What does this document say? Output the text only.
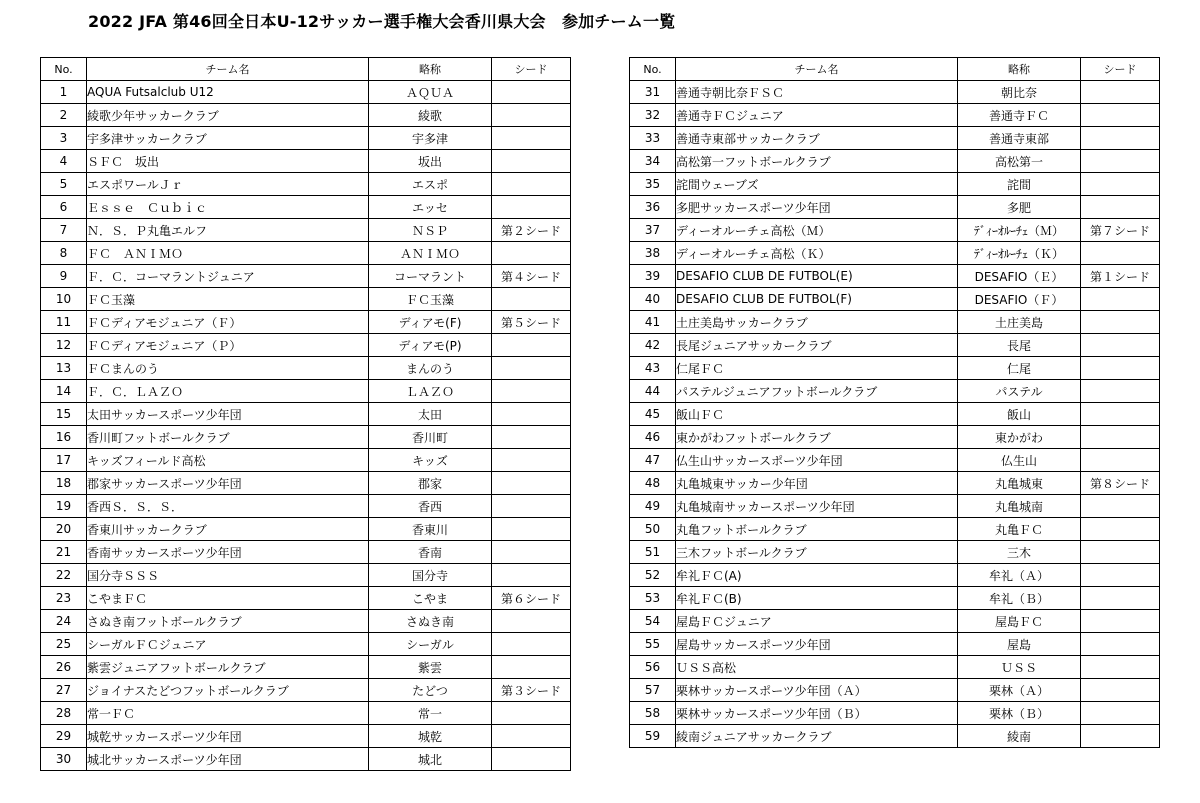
2022 JFA 第46回全日本U-12サッカー選手権大会香川県大会　参加チーム一覧
No.	チーム名	略称	シード
1	AQUA Futsalclub U12	ＡＱＵＡ	
2	綾歌少年サッカークラブ	綾歌	
3	宇多津サッカークラブ	宇多津	
4	ＳＦＣ　坂出	坂出	
5	エスポワールＪｒ	エスポ	
6	Ｅｓｓｅ　Ｃｕｂｉｃ	エッセ	
7	Ｎ．Ｓ．Ｐ丸亀エルフ	ＮＳＰ	第２シード
8	ＦＣ　ＡＮＩＭＯ	ＡＮＩＭＯ	
9	Ｆ．Ｃ．コーマラントジュニア	コーマラント	第４シード
10	ＦＣ玉藻	ＦＣ玉藻	
11	ＦＣディアモジュニア（Ｆ）	ディアモ(F)	第５シード
12	ＦＣディアモジュニア（Ｐ）	ディアモ(P)	
13	ＦＣまんのう	まんのう	
14	Ｆ．Ｃ．ＬＡＺＯ	ＬＡＺＯ	
15	太田サッカースポーツ少年団	太田	
16	香川町フットボールクラブ	香川町	
17	キッズフィールド高松	キッズ	
18	郡家サッカースポーツ少年団	郡家	
19	香西Ｓ．Ｓ．Ｓ．	香西	
20	香東川サッカークラブ	香東川	
21	香南サッカースポーツ少年団	香南	
22	国分寺ＳＳＳ	国分寺	
23	こやまＦＣ	こやま	第６シード
24	さぬき南フットボールクラブ	さぬき南	
25	シーガルＦＣジュニア	シーガル	
26	紫雲ジュニアフットボールクラブ	紫雲	
27	ジョイナスたどつフットボールクラブ	たどつ	第３シード
28	常一ＦＣ	常一	
29	城乾サッカースポーツ少年団	城乾	
30	城北サッカースポーツ少年団	城北	
No.	チーム名	略称	シード
31	善通寺朝比奈ＦＳＣ	朝比奈	
32	善通寺ＦＣジュニア	善通寺ＦＣ	
33	善通寺東部サッカークラブ	善通寺東部	
34	高松第一フットボールクラブ	高松第一	
35	詫間ウェーブズ	詫間	
36	多肥サッカースポーツ少年団	多肥	
37	ディーオルーチェ高松（Ｍ）	ﾃﾞｨｰｵﾙｰﾁｪ（Ｍ）	第７シード
38	ディーオルーチェ高松（Ｋ）	ﾃﾞｨｰｵﾙｰﾁｪ（Ｋ）	
39	DESAFIO CLUB DE FUTBOL(E)	DESAFIO（Ｅ）	第１シード
40	DESAFIO CLUB DE FUTBOL(F)	DESAFIO（Ｆ）	
41	土庄美島サッカークラブ	土庄美島	
42	長尾ジュニアサッカークラブ	長尾	
43	仁尾ＦＣ	仁尾	
44	パステルジュニアフットボールクラブ	パステル	
45	飯山ＦＣ	飯山	
46	東かがわフットボールクラブ	東かがわ	
47	仏生山サッカースポーツ少年団	仏生山	
48	丸亀城東サッカー少年団	丸亀城東	第８シード
49	丸亀城南サッカースポーツ少年団	丸亀城南	
50	丸亀フットボールクラブ	丸亀ＦＣ	
51	三木フットボールクラブ	三木	
52	牟礼ＦＣ(A)	牟礼（Ａ）	
53	牟礼ＦＣ(B)	牟礼（Ｂ）	
54	屋島ＦＣジュニア	屋島ＦＣ	
55	屋島サッカースポーツ少年団	屋島	
56	ＵＳＳ高松	ＵＳＳ	
57	栗林サッカースポーツ少年団（Ａ）	栗林（Ａ）	
58	栗林サッカースポーツ少年団（Ｂ）	栗林（Ｂ）	
59	綾南ジュニアサッカークラブ	綾南	
